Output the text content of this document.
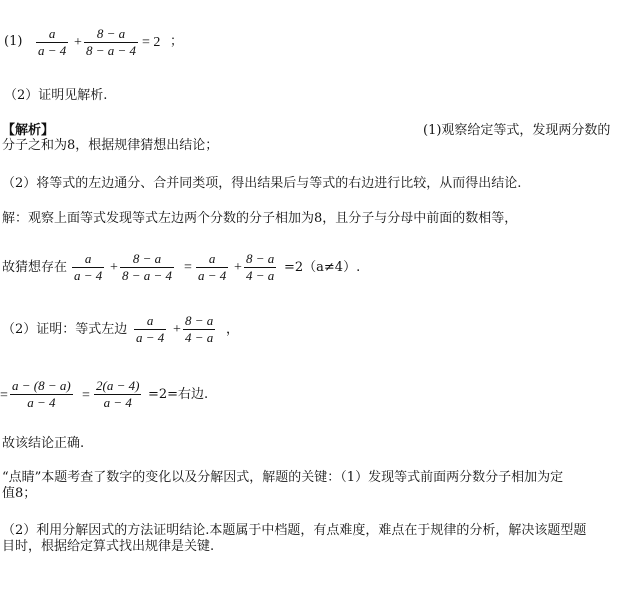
$(1) \frac{a}{a - 4} + \frac{8 - a}{8 - a - 4} = 2$ ；
（2）证明见解析.
【解析】	(1)观察给定等式，发现两分数的
分子之和为8，根据规律猜想出结论；
（2）将等式的左边通分、合并同类项，得出结果后与等式的右边进行比较，从而得出结论.
解：观察上面等式发现等式左边两个分数的分子相加为8，且分子与分母中前面的数相等，
故猜想存在 $\frac{a}{a - 4} + \frac{8 - a}{8 - a - 4} = \frac{a}{a - 4} + \frac{8 - a}{4 - a} =2(a\ne 4)$.
（2）证明：等式左边 $\frac{a}{a - 4} + \frac{8 - a}{4 - a}$ ，
= $\frac{a - (8 - a)}{a - 4} = \frac{2(a - 4)}{a - 4} =2=$右边.
故该结论正确.
“点睛”本题考查了数字的变化以及分解因式，解题的关键：（1）发现等式前面两分数分子相加为定
值8；
（2）利用分解因式的方法证明结论.本题属于中档题，有点难度，难点在于规律的分析，解决该题型题
目时，根据给定算式找出规律是关键.
